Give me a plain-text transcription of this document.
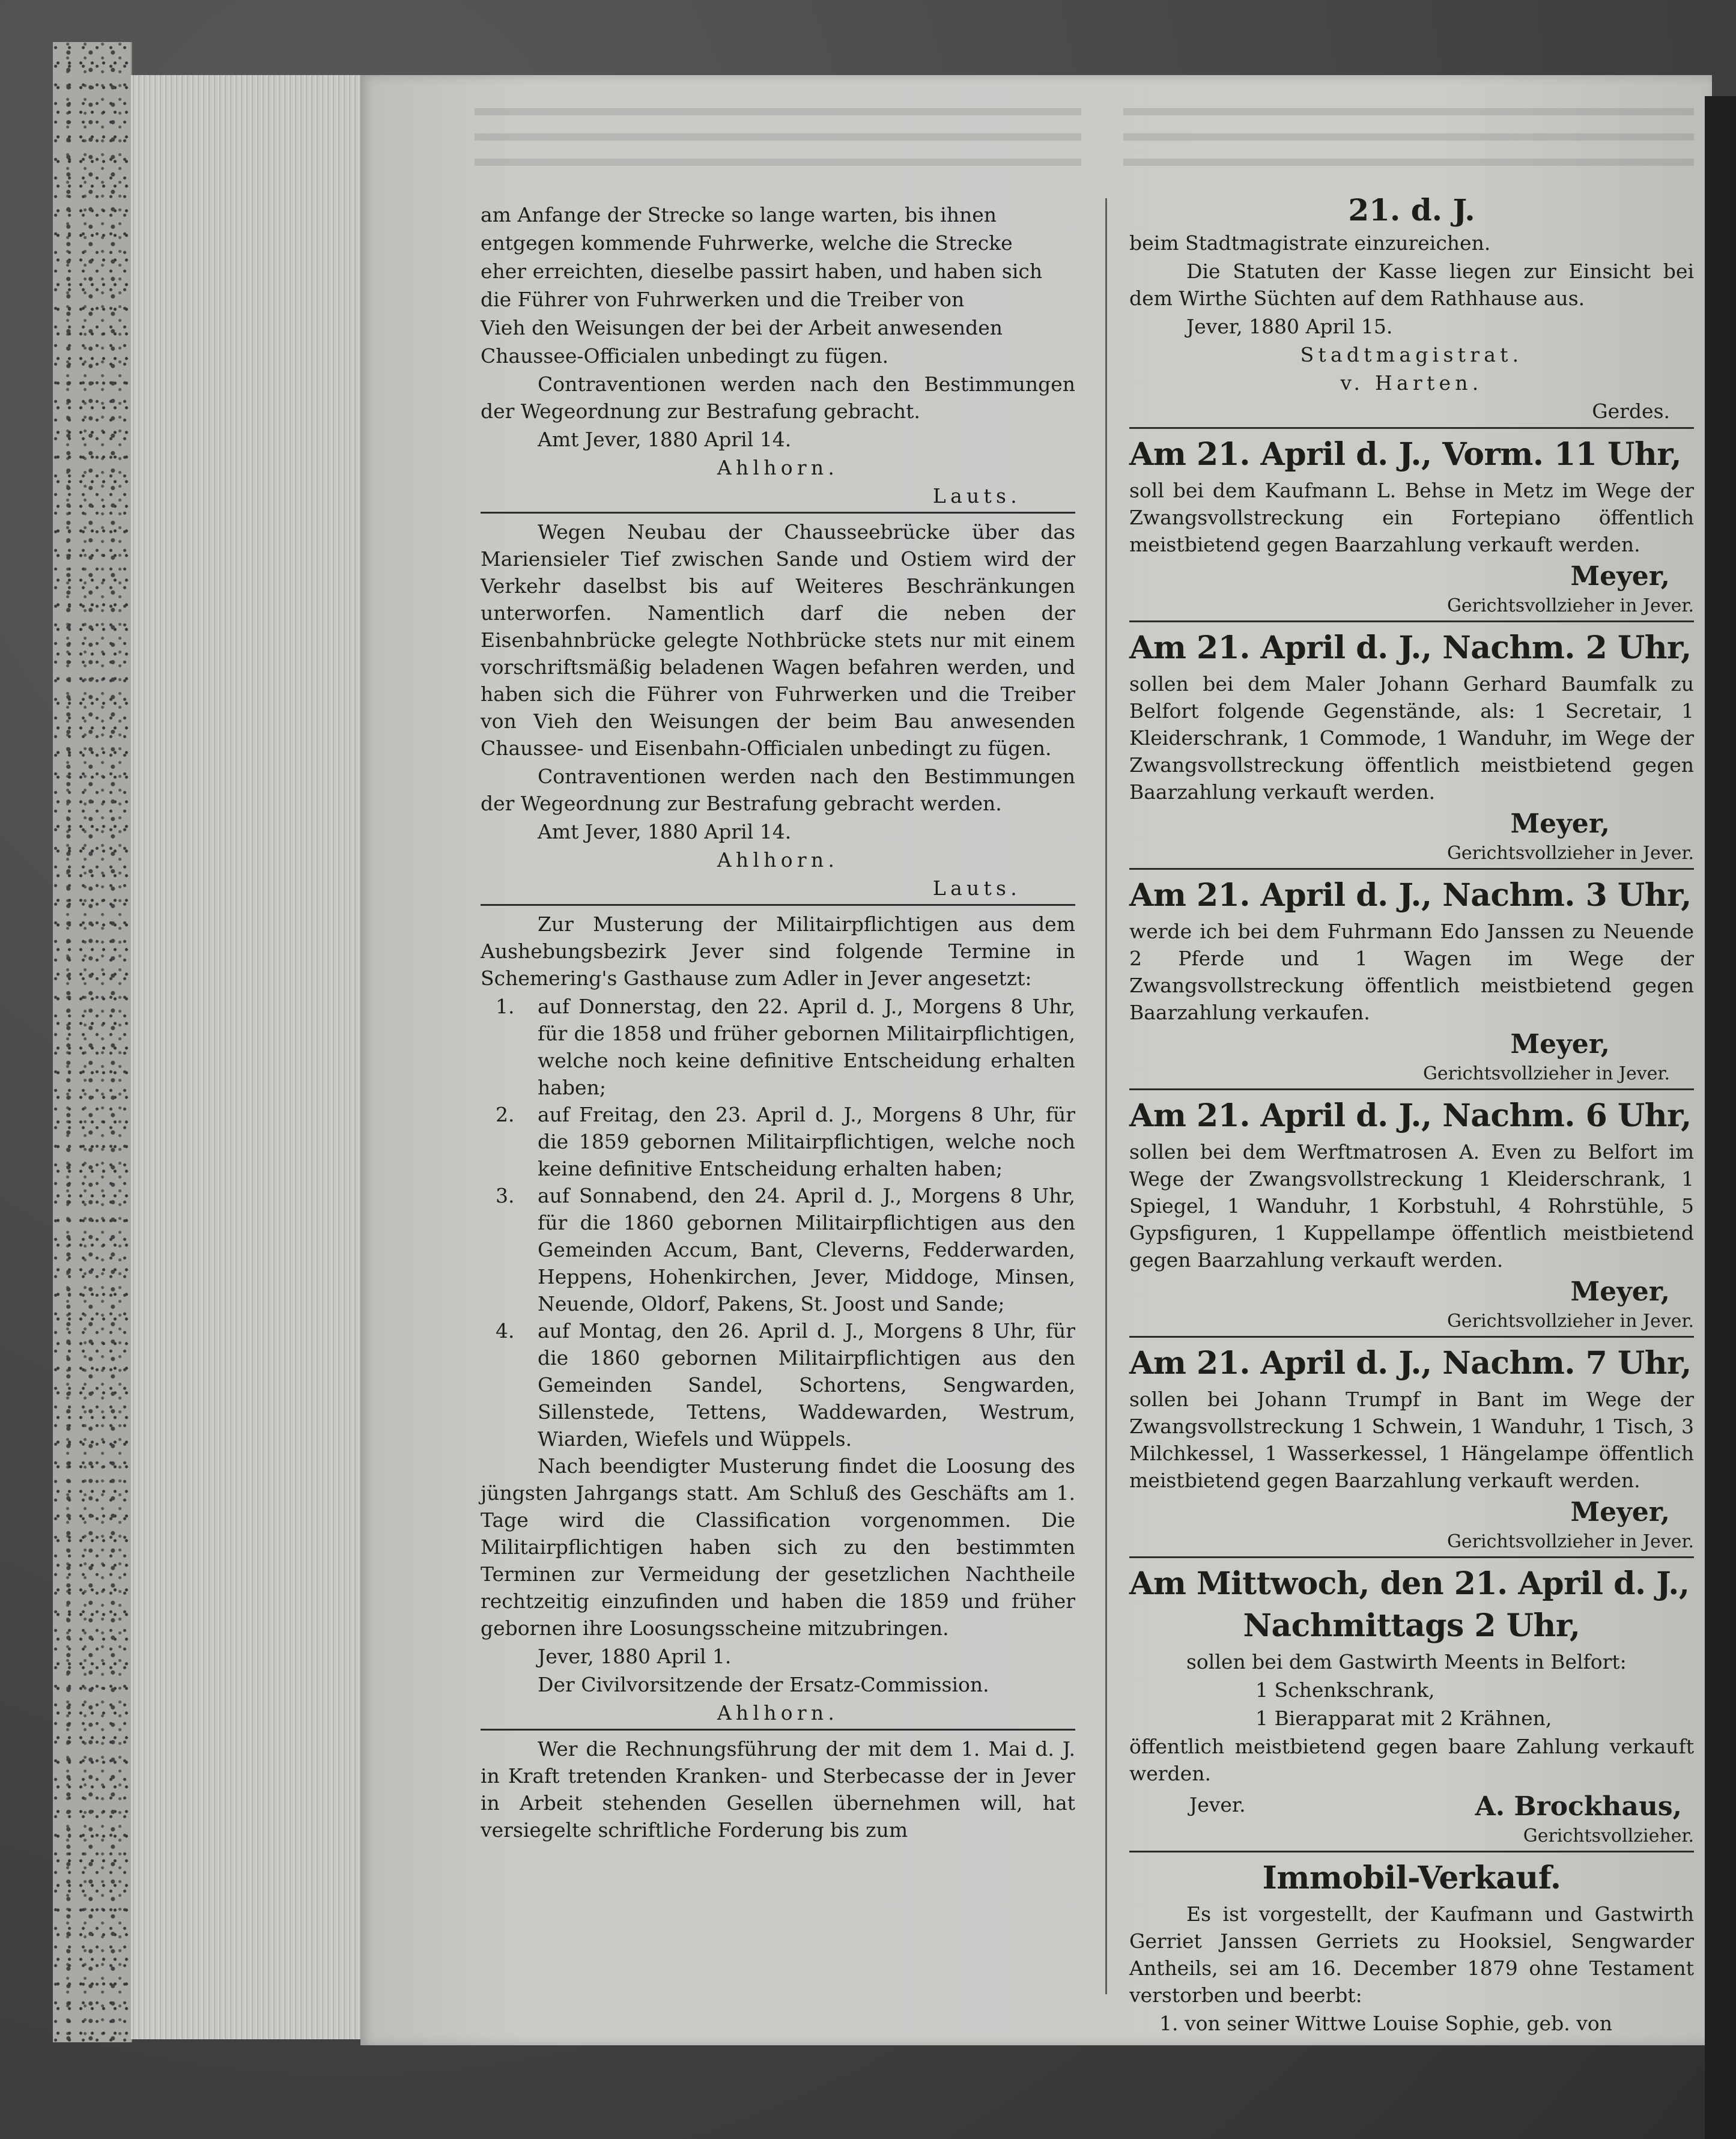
am Anfange der Strecke so lange warten, bis ihnen

entgegen kommende Fuhrwerke, welche die Strecke

eher erreichten, dieselbe passirt haben, und haben sich

die Führer von Fuhrwerken und die Treiber von

Vieh den Weisungen der bei der Arbeit anwesenden

Chaussee-Officialen unbedingt zu fügen.

Contraventionen werden nach den Bestimmungen der Wegeordnung zur Bestrafung gebracht.

Amt Jever, 1880 April 14.

Ahlhorn.

Lauts.

Wegen Neubau der Chausseebrücke über das Mariensieler Tief zwischen Sande und Ostiem wird der Verkehr daselbst bis auf Weiteres Beschränkungen unterworfen. Namentlich darf die neben der Eisenbahnbrücke gelegte Nothbrücke stets nur mit einem vorschriftsmäßig beladenen Wagen befahren werden, und haben sich die Führer von Fuhrwerken und die Treiber von Vieh den Weisungen der beim Bau anwesenden Chaussee- und Eisenbahn-Officialen unbedingt zu fügen.

Contraventionen werden nach den Bestimmungen der Wegeordnung zur Bestrafung gebracht werden.

Amt Jever, 1880 April 14.

Ahlhorn.

Lauts.

Zur Musterung der Militairpflichtigen aus dem Aushebungsbezirk Jever sind folgende Termine in Schemering's Gasthause zum Adler in Jever angesetzt:

1. auf Donnerstag, den 22. April d. J., Morgens 8 Uhr, für die 1858 und früher gebornen Militairpflichtigen, welche noch keine definitive Entscheidung erhalten haben;
2. auf Freitag, den 23. April d. J., Morgens 8 Uhr, für die 1859 gebornen Militairpflichtigen, welche noch keine definitive Entscheidung erhalten haben;
3. auf Sonnabend, den 24. April d. J., Morgens 8 Uhr, für die 1860 gebornen Militairpflichtigen aus den Gemeinden Accum, Bant, Cleverns, Fedderwarden, Heppens, Hohenkirchen, Jever, Middoge, Minsen, Neuende, Oldorf, Pakens, St. Joost und Sande;
4. auf Montag, den 26. April d. J., Morgens 8 Uhr, für die 1860 gebornen Militairpflichtigen aus den Gemeinden Sandel, Schortens, Sengwarden, Sillenstede, Tettens, Waddewarden, Westrum, Wiarden, Wiefels und Wüppels.

Nach beendigter Musterung findet die Loosung des jüngsten Jahrgangs statt. Am Schluß des Geschäfts am 1. Tage wird die Classification vorgenommen. Die Militairpflichtigen haben sich zu den bestimmten Terminen zur Vermeidung der gesetzlichen Nachtheile rechtzeitig einzufinden und haben die 1859 und früher gebornen ihre Loosungsscheine mitzubringen.

Jever, 1880 April 1.

Der Civilvorsitzende der Ersatz-Commission.

Ahlhorn.

Wer die Rechnungsführung der mit dem 1. Mai d. J. in Kraft tretenden Kranken- und Sterbecasse der in Jever in Arbeit stehenden Gesellen übernehmen will, hat versiegelte schriftliche Forderung bis zum

21. d. J.

beim Stadtmagistrate einzureichen.

Die Statuten der Kasse liegen zur Einsicht bei dem Wirthe Süchten auf dem Rathhause aus.

Jever, 1880 April 15.

Stadtmagistrat.

v. Harten.

Gerdes.

Am 21. April d. J., Vorm. 11 Uhr,

soll bei dem Kaufmann L. Behse in Metz im Wege der Zwangsvollstreckung ein Fortepiano öffentlich meistbietend gegen Baarzahlung verkauft werden.

Meyer,

Gerichtsvollzieher in Jever.

Am 21. April d. J., Nachm. 2 Uhr,

sollen bei dem Maler Johann Gerhard Baumfalk zu Belfort folgende Gegenstände, als: 1 Secretair, 1 Kleiderschrank, 1 Commode, 1 Wanduhr, im Wege der Zwangsvollstreckung öffentlich meistbietend gegen Baarzahlung verkauft werden.

Meyer,

Gerichtsvollzieher in Jever.

Am 21. April d. J., Nachm. 3 Uhr,

werde ich bei dem Fuhrmann Edo Janssen zu Neuende 2 Pferde und 1 Wagen im Wege der Zwangsvollstreckung öffentlich meistbietend gegen Baarzahlung verkaufen.

Meyer,

Gerichtsvollzieher in Jever.

Am 21. April d. J., Nachm. 6 Uhr,

sollen bei dem Werftmatrosen A. Even zu Belfort im Wege der Zwangsvollstreckung 1 Kleiderschrank, 1 Spiegel, 1 Wanduhr, 1 Korbstuhl, 4 Rohrstühle, 5 Gypsfiguren, 1 Kuppellampe öffentlich meistbietend gegen Baarzahlung verkauft werden.

Meyer,

Gerichtsvollzieher in Jever.

Am 21. April d. J., Nachm. 7 Uhr,

sollen bei Johann Trumpf in Bant im Wege der Zwangsvollstreckung 1 Schwein, 1 Wanduhr, 1 Tisch, 3 Milchkessel, 1 Wasserkessel, 1 Hängelampe öffentlich meistbietend gegen Baarzahlung verkauft werden.

Meyer,

Gerichtsvollzieher in Jever.

Am Mittwoch, den 21. April d. J.,

Nachmittags 2 Uhr,

sollen bei dem Gastwirth Meents in Belfort:

1 Schenkschrank,

1 Bierapparat mit 2 Krähnen,

öffentlich meistbietend gegen baare Zahlung verkauft werden.

Jever.	A. Brockhaus,

Gerichtsvollzieher.

Immobil-Verkauf.

Es ist vorgestellt, der Kaufmann und Gastwirth Gerriet Janssen Gerriets zu Hooksiel, Sengwarder Antheils, sei am 16. December 1879 ohne Testament verstorben und beerbt:

1. von seiner Wittwe Louise Sophie, geb. von
